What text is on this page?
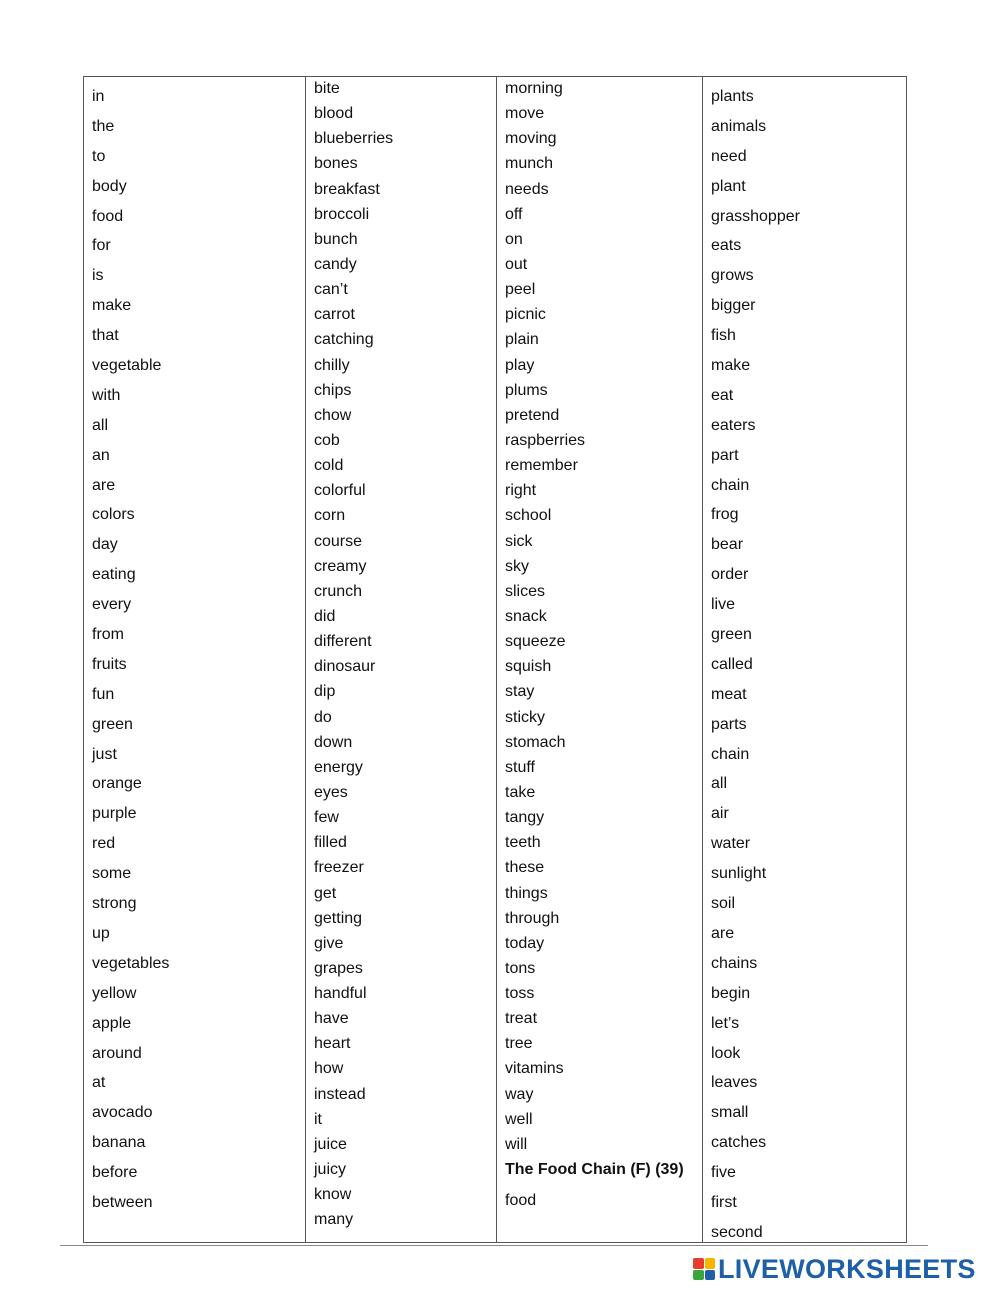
in
the
to
body
food
for
is
make
that
vegetable
with
all
an
are
colors
day
eating
every
from
fruits
fun
green
just
orange
purple
red
some
strong
up
vegetables
yellow
apple
around
at
avocado
banana
before
between
bite
blood
blueberries
bones
breakfast
broccoli
bunch
candy
can’t
carrot
catching
chilly
chips
chow
cob
cold
colorful
corn
course
creamy
crunch
did
different
dinosaur
dip
do
down
energy
eyes
few
filled
freezer
get
getting
give
grapes
handful
have
heart
how
instead
it
juice
juicy
know
many
morning
move
moving
munch
needs
off
on
out
peel
picnic
plain
play
plums
pretend
raspberries
remember
right
school
sick
sky
slices
snack
squeeze
squish
stay
sticky
stomach
stuff
take
tangy
teeth
these
things
through
today
tons
toss
treat
tree
vitamins
way
well
will
The Food Chain (F) (39)
food
plants
animals
need
plant
grasshopper
eats
grows
bigger
fish
make
eat
eaters
part
chain
frog
bear
order
live
green
called
meat
parts
chain
all
air
water
sunlight
soil
are
chains
begin
let’s
look
leaves
small
catches
five
first
second
LIVEWORKSHEETS
